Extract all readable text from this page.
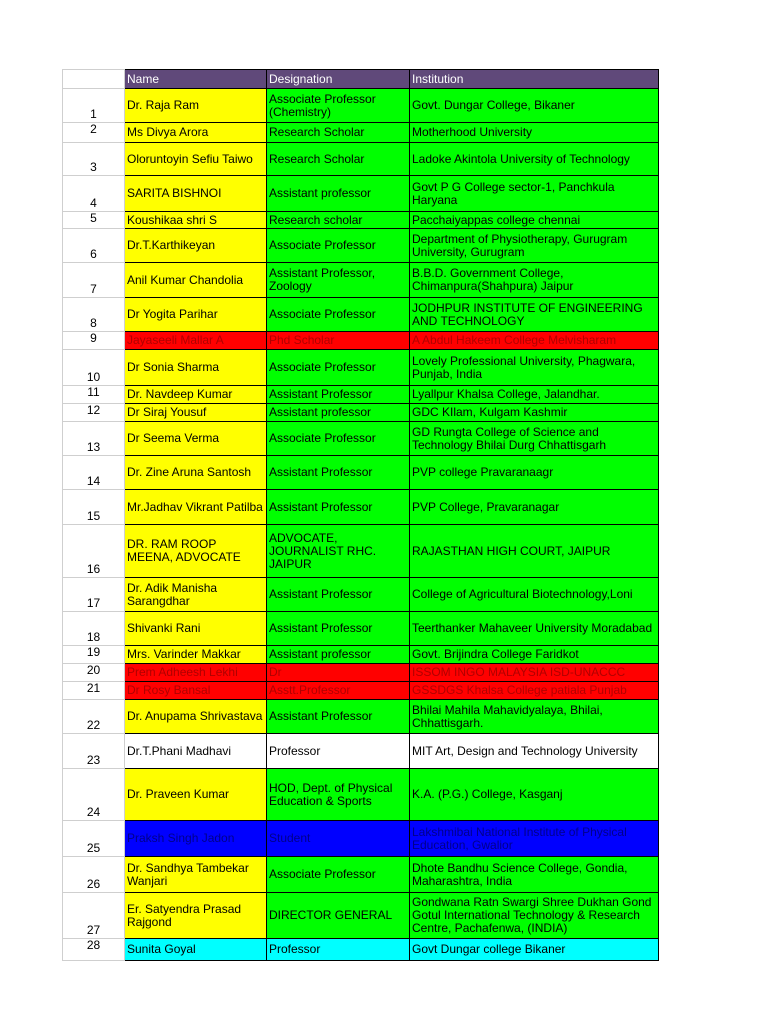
	Name	Designation	Institution

1	Dr. Raja Ram	Associate Professor (Chemistry)	Govt. Dungar College, Bikaner

2	Ms Divya Arora	Research Scholar	Motherhood University

3	Oloruntoyin Sefiu Taiwo	Research Scholar	Ladoke Akintola University of Technology

4	SARITA BISHNOI	Assistant professor	Govt P G College sector-1, Panchkula Haryana

5	Koushikaa shri S	Research scholar	Pacchaiyappas college chennai

6	Dr.T.Karthikeyan	Associate Professor	Department of Physiotherapy, Gurugram University, Gurugram

7	Anil Kumar Chandolia	Assistant Professor, Zoology	B.B.D. Government College, Chimanpura(Shahpura) Jaipur

8	Dr Yogita Parihar	Associate Professor	JODHPUR INSTITUTE OF ENGINEERING AND TECHNOLOGY

9	Jayaseeli Mallar A	Phd Scholar	A Abdul Hakeem College Melvisharam

10	Dr Sonia Sharma	Associate Professor	Lovely Professional University, Phagwara, Punjab, India

11	Dr. Navdeep Kumar	Assistant Professor	Lyallpur Khalsa College, Jalandhar.

12	Dr Siraj Yousuf	Assistant professor	GDC KIlam, Kulgam Kashmir

13	Dr Seema Verma	Associate Professor	GD Rungta College of Science and Technology Bhilai Durg Chhattisgarh

14	Dr. Zine Aruna Santosh	Assistant Professor	PVP college Pravaranaagr

15	Mr.Jadhav Vikrant Patilba	Assistant Professor	PVP College, Pravaranagar

16	DR. RAM ROOP MEENA, ADVOCATE	ADVOCATE, JOURNALIST RHC. JAIPUR	RAJASTHAN HIGH COURT, JAIPUR

17	Dr. Adik Manisha Sarangdhar	Assistant Professor	College of Agricultural Biotechnology,Loni

18	Shivanki Rani	Assistant Professor	Teerthanker Mahaveer University Moradabad

19	Mrs. Varinder Makkar	Assistant professor	Govt. Brijindra College Faridkot

20	Prem Adheesh Lekhi	Dr	ISSOM INGO MALAYSIA ISD-UNACCC

21	Dr Rosy Bansal	Asstt.Professor	GSSDGS Khalsa College patiala Punjab

22	Dr. Anupama Shrivastava	Assistant Professor	Bhilai Mahila Mahavidyalaya, Bhilai, Chhattisgarh.

23	Dr.T.Phani Madhavi	Professor	MIT Art, Design and Technology University

24	Dr. Praveen Kumar	HOD, Dept. of Physical Education & Sports	K.A. (P.G.) College, Kasganj

25	Praksh Singh Jadon	Student	Lakshmibai National Institute of Physical Education, Gwalior

26	Dr. Sandhya Tambekar Wanjari	Associate Professor	Dhote Bandhu Science College, Gondia, Maharashtra, India

27	Er. Satyendra Prasad Rajgond	DIRECTOR GENERAL	Gondwana Ratn Swargi Shree Dukhan Gond Gotul International Technology & Research Centre, Pachafenwa, (INDIA)

28	Sunita Goyal	Professor	Govt Dungar college Bikaner
